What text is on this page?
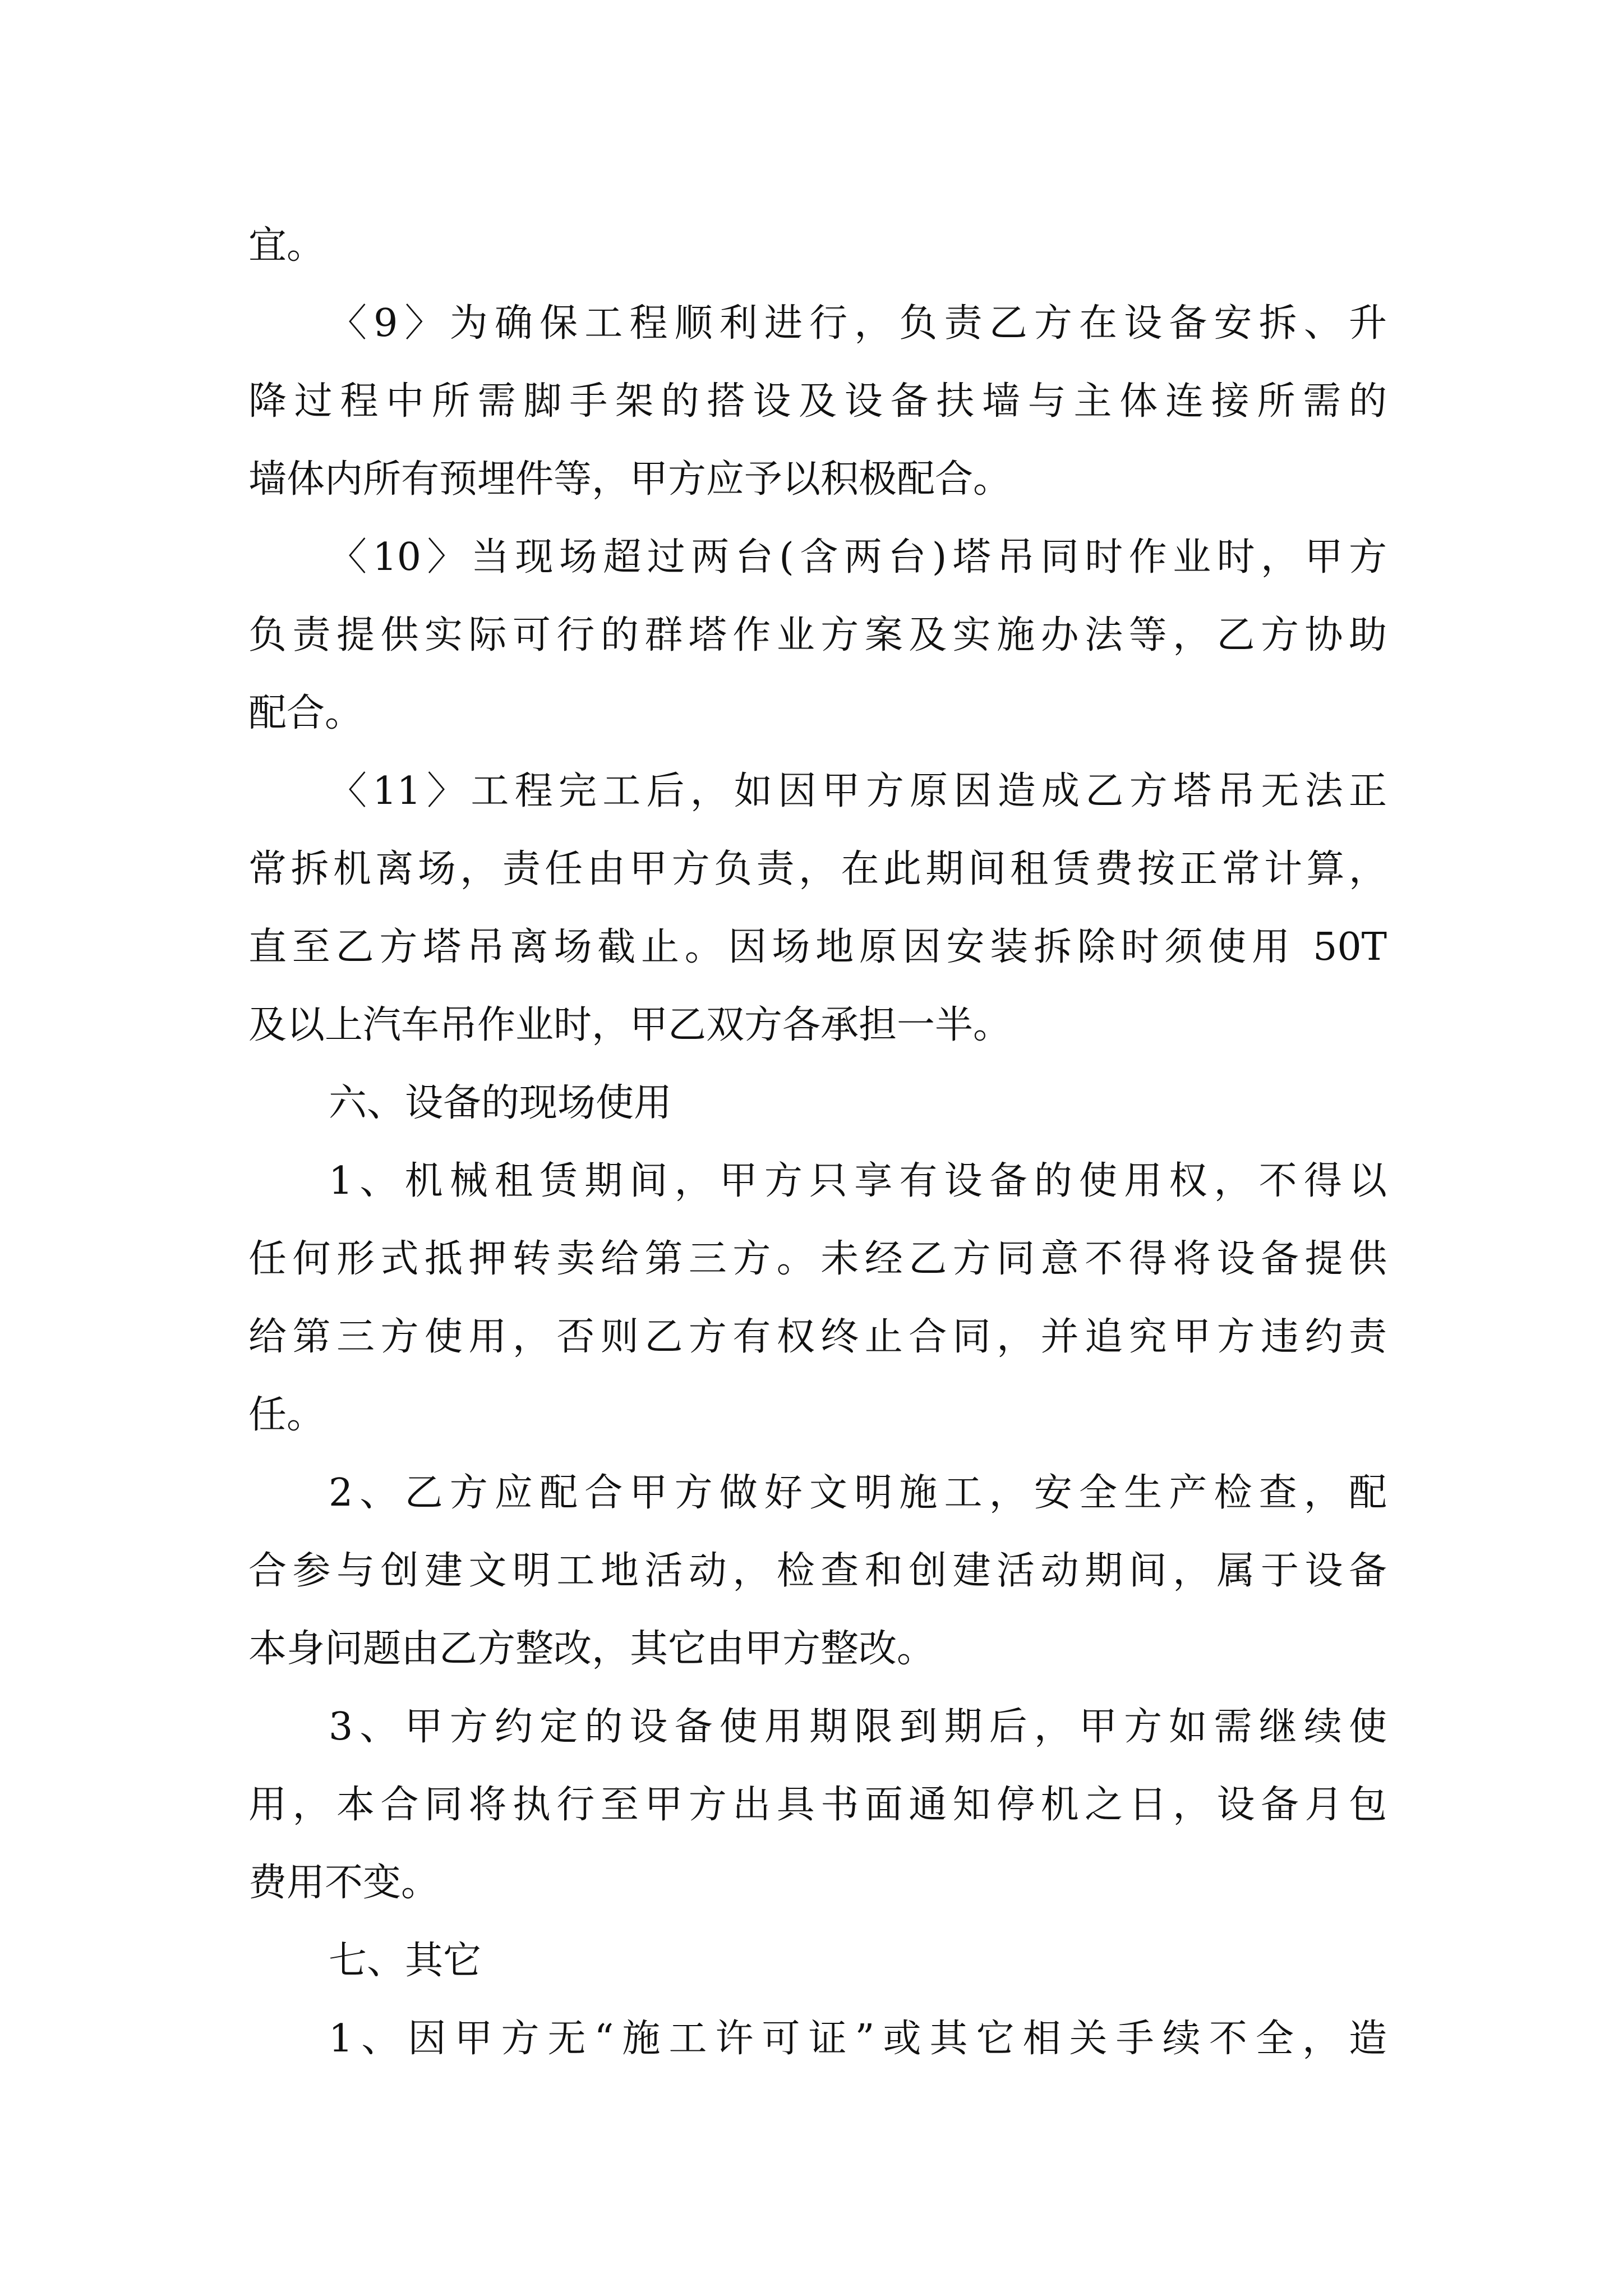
宜。
〈9〉为确保工程顺利进行，负责乙方在设备安拆、升
降过程中所需脚手架的搭设及设备扶墙与主体连接所需的
墙体内所有预埋件等，甲方应予以积极配合。
〈10〉当现场超过两台(含两台)塔吊同时作业时，甲方
负责提供实际可行的群塔作业方案及实施办法等，乙方协助
配合。
〈11〉工程完工后，如因甲方原因造成乙方塔吊无法正
常拆机离场，责任由甲方负责，在此期间租赁费按正常计算，
直至乙方塔吊离场截止。因场地原因安装拆除时须使用 50T
及以上汽车吊作业时，甲乙双方各承担一半。
六、设备的现场使用
1、机械租赁期间，甲方只享有设备的使用权，不得以
任何形式抵押转卖给第三方。未经乙方同意不得将设备提供
给第三方使用，否则乙方有权终止合同，并追究甲方违约责
任。
2、乙方应配合甲方做好文明施工，安全生产检查，配
合参与创建文明工地活动，检查和创建活动期间，属于设备
本身问题由乙方整改，其它由甲方整改。
3、甲方约定的设备使用期限到期后，甲方如需继续使
用，本合同将执行至甲方出具书面通知停机之日，设备月包
费用不变。
七、其它
1、因甲方无“施工许可证”或其它相关手续不全，造
